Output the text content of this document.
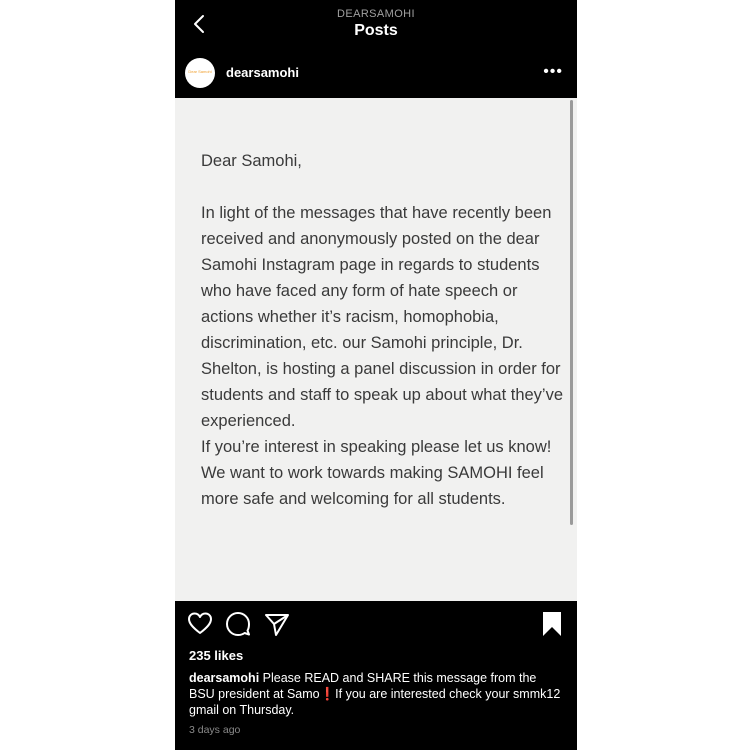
DEARSAMOHI
Posts
Dear Samohi dearsamohi	•••
Dear Samohi,
In light of the messages that have recently been received and anonymously posted on the dear Samohi Instagram page in regards to students who have faced any form of hate speech or actions whether it’s racism, homophobia, discrimination, etc. our Samohi principle, Dr. Shelton, is hosting a panel discussion in order for students and staff to speak up about what they’ve experienced.
If you’re interest in speaking please let us know! We want to work towards making SAMOHI feel more safe and welcoming for all students.
235 likes
dearsamohi Please READ and SHARE this message from the BSU president at Samo❗️If you are interested check your smmk12 gmail on Thursday.
3 days ago
